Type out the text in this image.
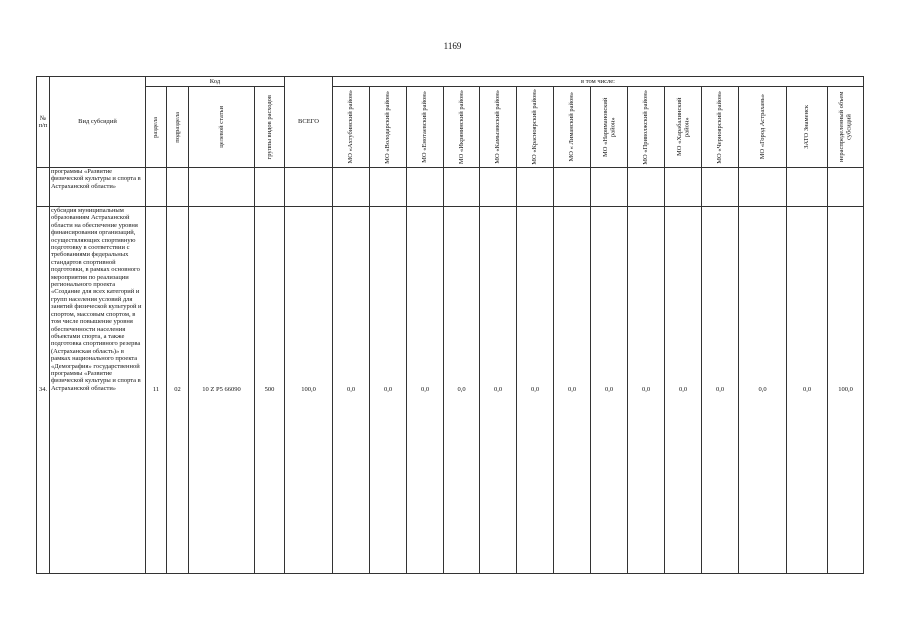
1169
№ п/п	Вид субсидий	Код				ВСЕГО	в том числе:													

		раздела	подраздела	целевой статьи	группы видов расходов		МО «Ахтубинский район»	МО «Володарский район»	МО «Енотаевский район»	МО «Икрянинский район»	МО «Камызякский район»	МО «Красноярский район»	МО « Лиманский район»	МО «Наримановский район»	МО «Приволжский район»	МО «Харабалинский район»	МО «Черноярский район»	МО «Город Астрахань»	ЗАТО Знаменск	нераспределенный объем субсидий

	программы «Развитие физической культуры и спорта в Астраханской области»																			
34.	субсидия муниципальным образованиям Астраханской области на обеспечение уровня финансирования организаций, осуществляющих спортивную подготовку в соответствии с требованиями федеральных стандартов спортивной подготовки, в рамках основного мероприятия по реализации регионального проекта «Создание для всех категорий и групп населения условий для занятий физической культурой и спортом, массовым спортом, в том числе повышение уровня обеспеченности населения объектами спорта, а также подготовка спортивного резерва (Астраханская область)» в рамках национального проекта «Демография» государственной программы «Развитие физической культуры и спорта в Астраханской области»	11	02	10 Z P5 66090	500	100,0	0,0	0,0	0,0	0,0	0,0	0,0	0,0	0,0	0,0	0,0	0,0	0,0	0,0	100,0
